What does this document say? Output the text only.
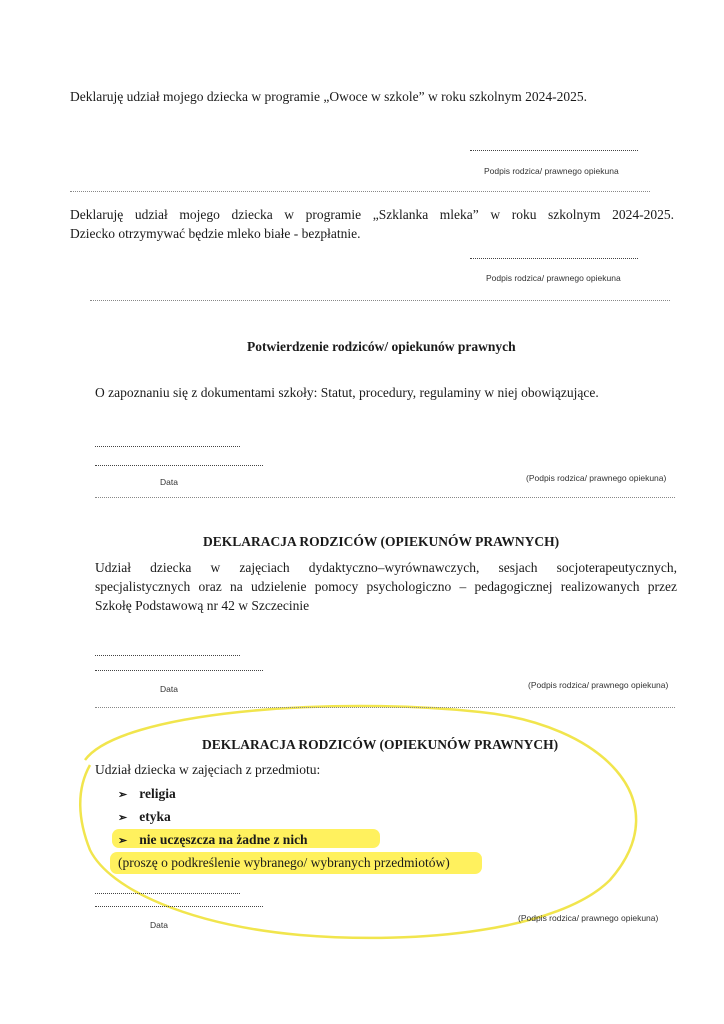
Deklaruję udział mojego dziecka w programie „Owoce w szkole” w roku szkolnym 2024-2025.
Podpis rodzica/ prawnego opiekuna
Deklaruję udział mojego dziecka w programie „Szklanka mleka” w roku szkolnym 2024-2025.
Dziecko otrzymywać będzie mleko białe - bezpłatnie.
Podpis rodzica/ prawnego opiekuna
Potwierdzenie rodziców/ opiekunów prawnych
O zapoznaniu się z dokumentami szkoły: Statut, procedury, regulaminy w niej obowiązujące.
Data	(Podpis rodzica/ prawnego opiekuna)
DEKLARACJA RODZICÓW (OPIEKUNÓW PRAWNYCH)
Udział dziecka w zajęciach dydaktyczno–wyrównawczych, sesjach socjoterapeutycznych,
specjalistycznych oraz na udzielenie pomocy psychologiczno – pedagogicznej realizowanych przez
Szkołę Podstawową nr 42 w Szczecinie
Data	(Podpis rodzica/ prawnego opiekuna)
DEKLARACJA RODZICÓW (OPIEKUNÓW PRAWNYCH)
Udział dziecka w zajęciach z przedmiotu:
➢ religia
➢ etyka
➢ nie uczęszcza na żadne z nich
(proszę o podkreślenie wybranego/ wybranych przedmiotów)
Data
(Podpis rodzica/ prawnego opiekuna)
